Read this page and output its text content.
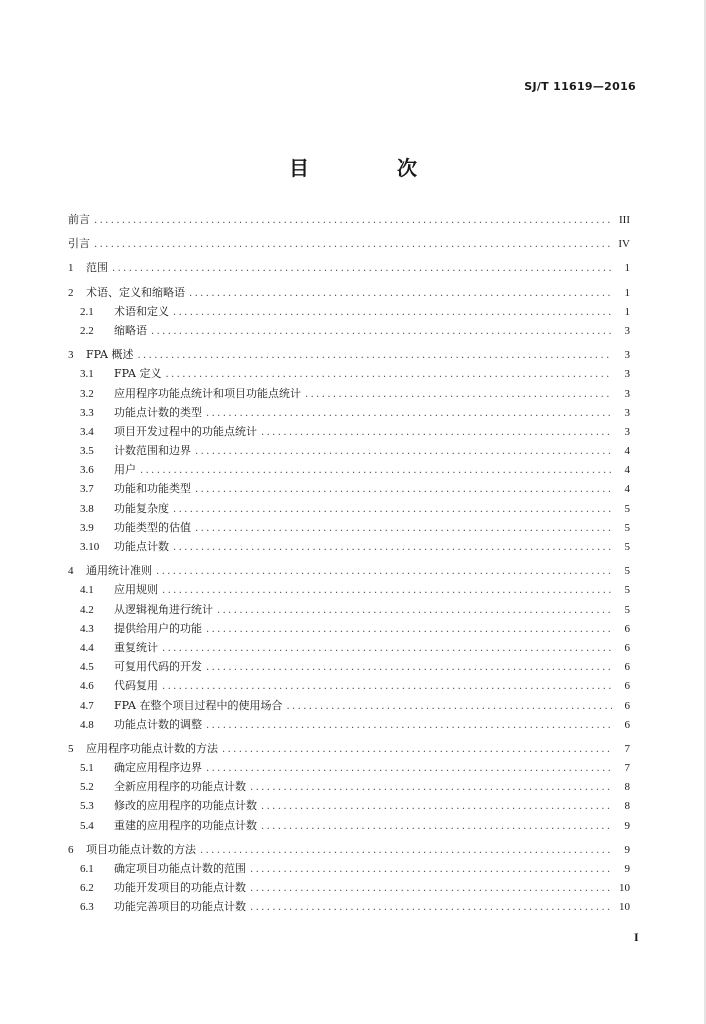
SJ/T 11619—2016
目　次
前言 .....	III
引言 .....	IV
1	范围 .....	1
2	术语、定义和缩略语 .....	1
2.1	术语和定义 .....	1
2.2	缩略语 .....	3
3	FPA 概述 .....	3
3.1	FPA 定义 .....	3
3.2	应用程序功能点统计和项目功能点统计 .....	3
3.3	功能点计数的类型 .....	3
3.4	项目开发过程中的功能点统计 .....	3
3.5	计数范围和边界 .....	4
3.6	用户 .....	4
3.7	功能和功能类型 .....	4
3.8	功能复杂度 .....	5
3.9	功能类型的估值 .....	5
3.10	功能点计数 .....	5
4	通用统计准则 .....	5
4.1	应用规则 .....	5
4.2	从逻辑视角进行统计 .....	5
4.3	提供给用户的功能 .....	6
4.4	重复统计 .....	6
4.5	可复用代码的开发 .....	6
4.6	代码复用 .....	6
4.7	FPA 在整个项目过程中的使用场合 .....	6
4.8	功能点计数的调整 .....	6
5	应用程序功能点计数的方法 .....	7
5.1	确定应用程序边界 .....	7
5.2	全新应用程序的功能点计数 .....	8
5.3	修改的应用程序的功能点计数 .....	8
5.4	重建的应用程序的功能点计数 .....	9
6	项目功能点计数的方法 .....	9
6.1	确定项目功能点计数的范围 .....	9
6.2	功能开发项目的功能点计数 .....	10
6.3	功能完善项目的功能点计数 .....	10
I
